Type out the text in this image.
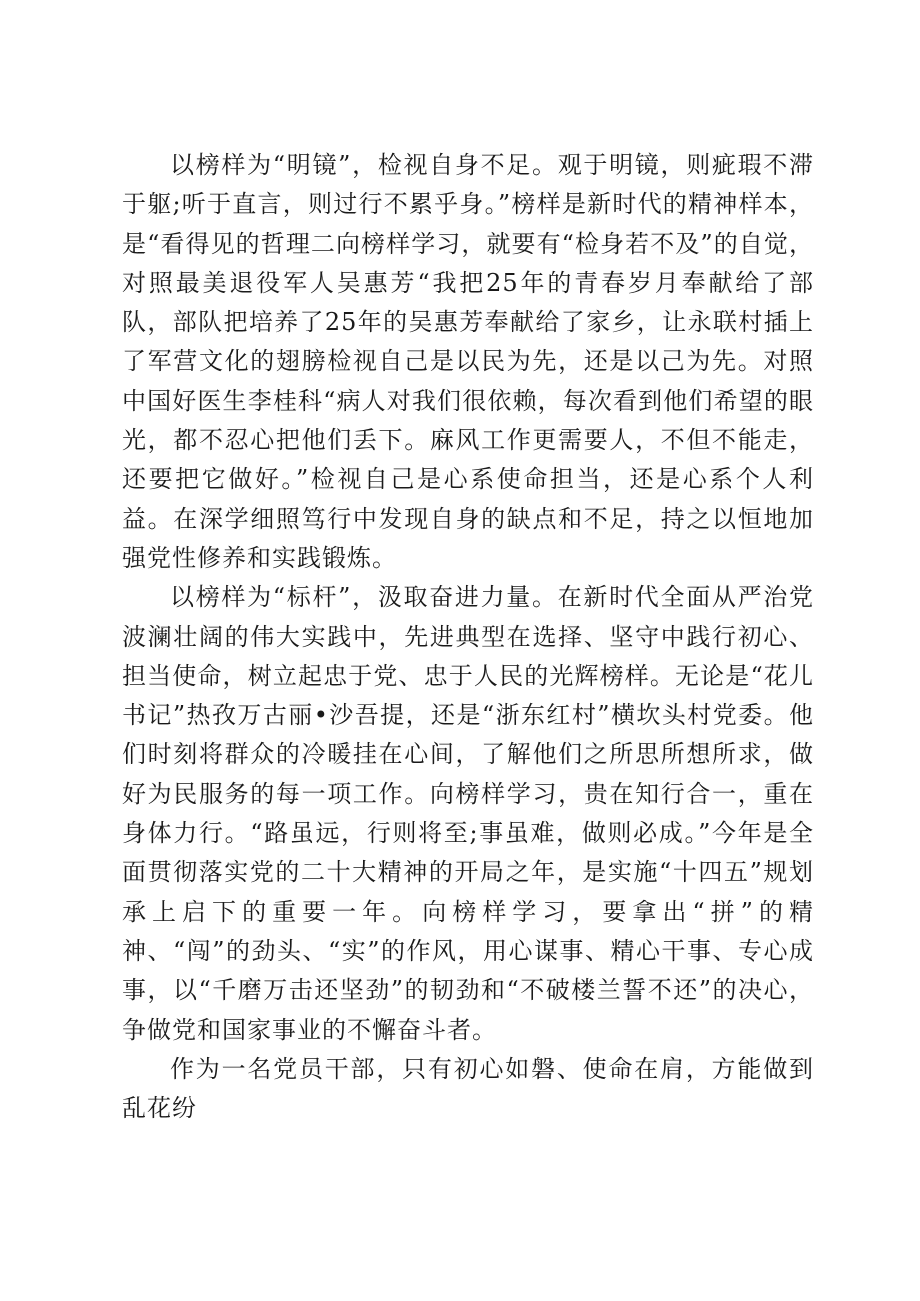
以榜样为“明镜”，检视自身不足。观于明镜，则疵瑕不滞于躯;听于直言，则过行不累乎身。”榜样是新时代的精神样本，是“看得见的哲理二向榜样学习，就要有“检身若不及”的自觉，对照最美退役军人吴惠芳“我把25年的青春岁月奉献给了部队，部队把培养了25年的吴惠芳奉献给了家乡，让永联村插上了军营文化的翅膀检视自己是以民为先，还是以己为先。对照中国好医生李桂科“病人对我们很依赖，每次看到他们希望的眼光，都不忍心把他们丢下。麻风工作更需要人，不但不能走，还要把它做好。”检视自己是心系使命担当，还是心系个人利益。在深学细照笃行中发现自身的缺点和不足，持之以恒地加强党性修养和实践锻炼。

以榜样为“标杆”，汲取奋进力量。在新时代全面从严治党波澜壮阔的伟大实践中，先进典型在选择、坚守中践行初心、担当使命，树立起忠于党、忠于人民的光辉榜样。无论是“花儿书记”热孜万古丽•沙吾提，还是“浙东红村”横坎头村党委。他们时刻将群众的冷暖挂在心间，了解他们之所思所想所求，做好为民服务的每一项工作。向榜样学习，贵在知行合一，重在身体力行。“路虽远，行则将至;事虽难，做则必成。”今年是全面贯彻落实党的二十大精神的开局之年，是实施“十四五”规划承上启下的重要一年。向榜样学习，要拿出“拼”的精神、“闯”的劲头、“实”的作风，用心谋事、精心干事、专心成事，以“千磨万击还坚劲”的韧劲和“不破楼兰誓不还”的决心，争做党和国家事业的不懈奋斗者。

作为一名党员干部，只有初心如磐、使命在肩，方能做到乱花纷
